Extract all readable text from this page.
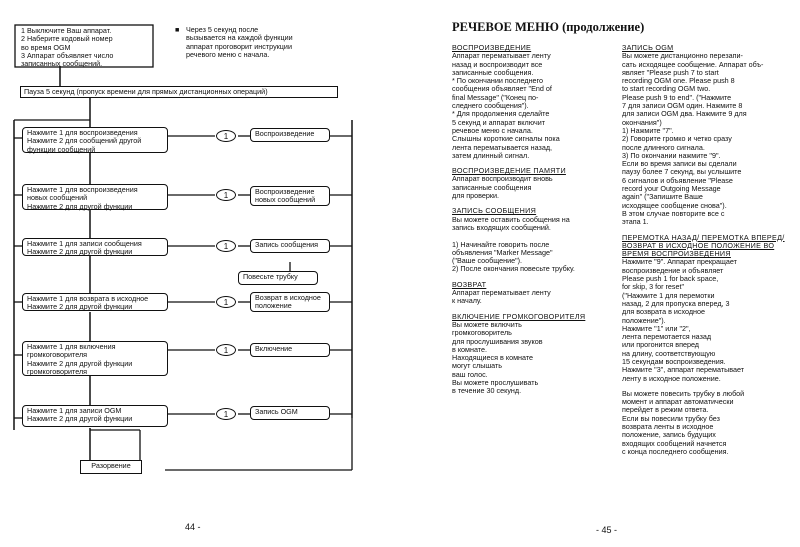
1 Выключите Ваш аппарат.
2 Наберите кодовый номер
во время OGM
3 Аппарат объявляет число
записанных сообщений.
■ Через 5 секунд после
вызывается на каждой функции
аппарат проговорит инструкции
речевого меню с начала.
Пауза 5 секунд (пропуск времени для прямых дистанционных операций)
Нажмите 1 для воспроизведения
Нажмите 2 для сообщений другой
функции сообщений
1	Воспроизведение
Нажмите 1 для воспроизведения
новых сообщений
Нажмите 2 для другой функции
1	Воспроизведение
новых сообщений
Нажмите 1 для записи сообщения
Нажмите 2 для другой функции
1	Запись сообщения
Повесьте трубку
Нажмите 1 для возврата в исходное
Нажмите 2 для другой функции	1
Возврат в исходное
положение
Нажмите 1 для включения
громкоговорителя
Нажмите 2 для другой функции
громкоговорителя
1	Включение
Нажмите 1 для записи OGM
Нажмите 2 для другой функции	1	Запись OGM
Разорвение
44 -
РЕЧЕВОЕ МЕНЮ (продолжение)
ВОСПРОИЗВЕДЕНИЕ
Аппарат перематывает ленту
назад и воспроизводит все
записанные сообщения.
* По окончании последнего
сообщения объявляет "End of
final Message" ("Конец по-
следнего сообщения").
* Для продолжения сделайте
5 секунд и аппарат включит
речевое меню с начала.
Слышны короткие сигналы пока
лента перематывается назад,
затем длинный сигнал.
ВОСПРОИЗВЕДЕНИЕ ПАМЯТИ
Аппарат воспроизводит вновь
записанные сообщения
для проверки.
ЗАПИСЬ СООБЩЕНИЯ
Вы можете оставить сообщения на
запись входящих сообщений.
1) Начинайте говорить после
объявления "Marker Message"
("Ваше сообщение").
2) После окончания повесьте трубку.
ВОЗВРАТ
Аппарат перематывает ленту
к началу.
ВКЛЮЧЕНИЕ ГРОМКОГОВОРИТЕЛЯ
Вы можете включить
громкоговоритель
для прослушивания звуков
в комнате.
Находящиеся в комнате
могут слышать
ваш голос.
Вы можете прослушивать
в течение 30 секунд.
ЗАПИСЬ OGM
Вы можете дистанционно перезапи-
сать исходящее сообщение. Аппарат объ-
являет "Please push 7 to start
recording OGM one. Please push 8
to start recording OGM two.
Please push 9 to end". ("Нажмите
7 для записи OGM один. Нажмите 8
для записи OGM два. Нажмите 9 для
окончания")
1) Нажмите "7".
2) Говорите громко и четко сразу
после длинного сигнала.
3) По окончании нажмите "9".
Если во время записи вы сделали
паузу более 7 секунд, вы услышите
6 сигналов и объявление "Please
record your Outgoing Message
again" ("Запишите Ваше
исходящее сообщение снова").
В этом случае повторите все с
этапа 1.
ПЕРЕМОТКА НАЗАД/ ПЕРЕМОТКА ВПЕРЕД/ ВОЗВРАТ В ИСХОДНОЕ ПОЛОЖЕНИЕ ВО ВРЕМЯ ВОСПРОИЗВЕДЕНИЯ
Нажмите "9". Аппарат прекращает
воспроизведение и объявляет
Please push 1 for back space,
for skip, 3 for reset"
("Нажмите 1 для перемотки
назад, 2 для пропуска вперед, 3
для возврата в исходное
положение").
Нажмите "1" или "2",
лента перемотается назад
или прогонится вперед
на длину, соответствующую
15 секундам воспроизведения.
Нажмите "3", аппарат перематывает
ленту в исходное положение.
Вы можете повесить трубку в любой
момент и аппарат автоматически
перейдет в режим ответа.
Если вы повесили трубку без
возврата ленты в исходное
положение, запись будущих
входящих сообщений начнется
с конца последнего сообщения.
- 45 -
